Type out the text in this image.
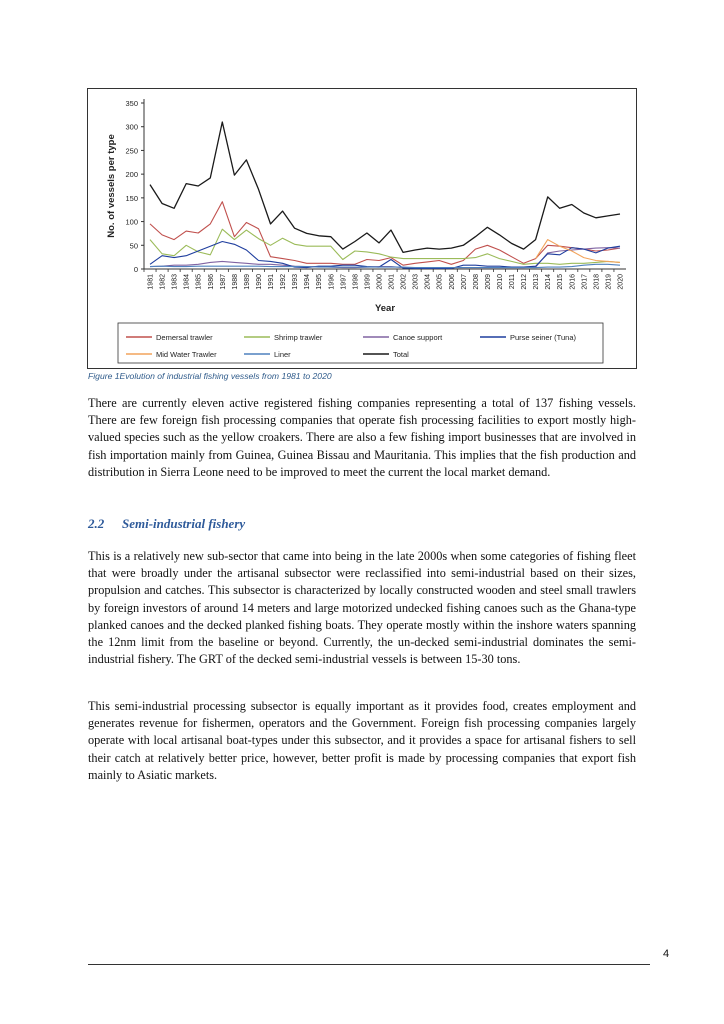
0
50
100
150
200
250
300
350
1981 1982 1983 1984 1985 1986 1987 1988 1989 1990 1991 1992 1993 1994 1995 1996 1997 1998 1999 2000 2001 2002 2003 2004 2005 2006 2007 2008 2009 2010 2011 2012 2013 2014 2015 2016 2017 2018 2019 2020
Year
No. of vessels per type
Demersal trawler	Shrimp trawler	Canoe support	Purse seiner (Tuna)
Mid Water Trawler	Liner	Total
Figure 1Evolution of industrial fishing vessels from 1981 to 2020

There are currently eleven active registered fishing companies representing a total of 137 fishing vessels. There are few foreign fish processing companies that operate fish processing facilities to export mostly high-valued species such as the yellow croakers. There are also a few fishing import businesses that are involved in fish importation mainly from Guinea, Guinea Bissau and Mauritania. This implies that the fish production and distribution in Sierra Leone need to be improved to meet the current the local market demand.

2.2 Semi-industrial fishery

This is a relatively new sub-sector that came into being in the late 2000s when some categories of fishing fleet that were broadly under the artisanal subsector were reclassified into semi-industrial based on their sizes, propulsion and catches. This subsector is characterized by locally constructed wooden and steel small trawlers by foreign investors of around 14 meters and large motorized undecked fishing canoes such as the Ghana-type planked canoes and the decked planked fishing boats. They operate mostly within the inshore waters spanning the 12nm limit from the baseline or beyond. Currently, the un-decked semi-industrial dominates the semi-industrial fishery. The GRT of the decked semi-industrial vessels is between 15-30 tons.

This semi-industrial processing subsector is equally important as it provides food, creates employment and generates revenue for fishermen, operators and the Government. Foreign fish processing companies largely operate with local artisanal boat-types under this subsector, and it provides a space for artisanal fishers to sell their catch at relatively better price, however, better profit is made by processing companies that export fish mainly to Asiatic markets.

4
